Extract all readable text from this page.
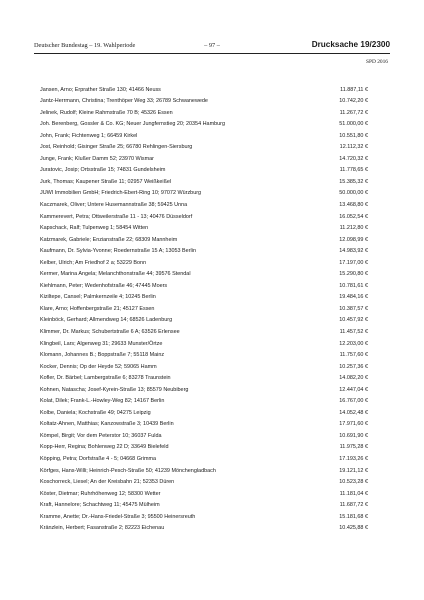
Deutscher Bundestag – 19. Wahlperiode	– 97 –	Drucksache 19/2300
SPD 2016
Jansen, Arno; Erprather Straße 130; 41466 Neuss	11.887,11 €
Jantz-Herrmann, Christina; Trenthöper Weg 33; 26789 Schwanewede	10.742,20 €
Jelinek, Rudolf; Kleine Rahmstraße 70 B; 45326 Essen	11.267,72 €
Joh. Berenberg, Gossler & Co. KG; Neuer Jungfernstieg 20; 20354 Hamburg	51.000,00 €
John, Frank; Fichtenweg 1; 66459 Kirkel	10.551,80 €
Jost, Reinhold; Gisinger Straße 25; 66780 Rehlingen-Siersburg	12.112,32 €
Junge, Frank; Klußer Damm 52; 23970 Wismar	14.720,32 €
Juratovic, Josip; Ortsstraße 15; 74831 Gundelsheim	11.778,65 €
Jurk, Thomas; Kaupener Straße 11; 02957 Weißkeißel	15.385,32 €
JUWI Immobilien GmbH; Friedrich-Ebert-Ring 10; 97072 Würzburg	50.000,00 €
Kaczmarek, Oliver; Untere Husemannstraße 38; 59425 Unna	13.468,80 €
Kammerevert, Petra; Ottweilerstraße 11 - 13; 40476 Düsseldorf	16.052,54 €
Kapschack, Ralf; Tulpenweg 1; 58454 Witten	11.212,80 €
Katzmarek, Gabriele; Enzianstraße 22; 68309 Mannheim	12.098,99 €
Kaufmann, Dr. Sylvia-Yvonne; Roedernstraße 15 A; 13053 Berlin	14.983,92 €
Kelber, Ulrich; Am Friedhof 2 a; 53229 Bonn	17.197,00 €
Kermer, Marina Angela; Melanchthonstraße 44; 39576 Stendal	15.290,80 €
Kiehlmann, Peter; Wedenhofstraße 46; 47445 Moers	10.781,61 €
Kiziltepe, Cansel; Palmkernzeile 4; 10245 Berlin	19.484,16 €
Klare, Arno; Hoffenbergstraße 21; 45127 Essen	10.387,57 €
Kleinböck, Gerhard; Allmendweg 14; 68526 Ladenburg	10.457,92 €
Klimmer, Dr. Markus; Schubertstraße 6 A; 63526 Erlensee	11.457,52 €
Klingbeil, Lars; Algenweg 31; 29633 Munster/Örtze	12.203,00 €
Klomann, Johannes B.; Boppstraße 7; 55118 Mainz	11.757,60 €
Kocker, Dennis; Op der Heyde 52; 59065 Hamm	10.257,36 €
Kofler, Dr. Bärbel; Lambergstraße 6; 83278 Traunstein	14.082,20 €
Kohnen, Natascha; Josef-Kyrein-Straße 13; 85579 Neubiberg	12.447,04 €
Kolat, Dilek; Frank-L.-Howley-Weg 82; 14167 Berlin	16.767,00 €
Kolbe, Daniela; Kochstraße 49; 04275 Leipzig	14.052,48 €
Koltatz-Ahnen, Matthias; Kanzowstraße 3; 10439 Berlin	17.971,60 €
Kömpel, Birgit; Vor dem Peterstor 10; 36037 Fulda	10.691,90 €
Kopp-Herr, Regina; Bohlenweg 22 D; 33649 Bielefeld	11.975,28 €
Köpping, Petra; Dorfstraße 4 - 5; 04668 Grimma	17.193,26 €
Körfges, Hans-Willi; Heinrich-Pesch-Straße 50; 41239 Mönchengladbach	19.121,12 €
Koschorreck, Liesel; An der Kreisbahn 21; 52353 Düren	10.523,28 €
Köster, Dietmar; Ruhrhöhenweg 12; 58300 Wetter	11.181,04 €
Kraft, Hannelore; Schachtweg 11; 45475 Mülheim	11.687,72 €
Kramme, Anette; Dr.-Hans-Friedel-Straße 3; 95500 Heinersreuth	15.181,68 €
Kränzlein, Herbert; Fasanstraße 2; 82223 Eichenau	10.425,88 €
